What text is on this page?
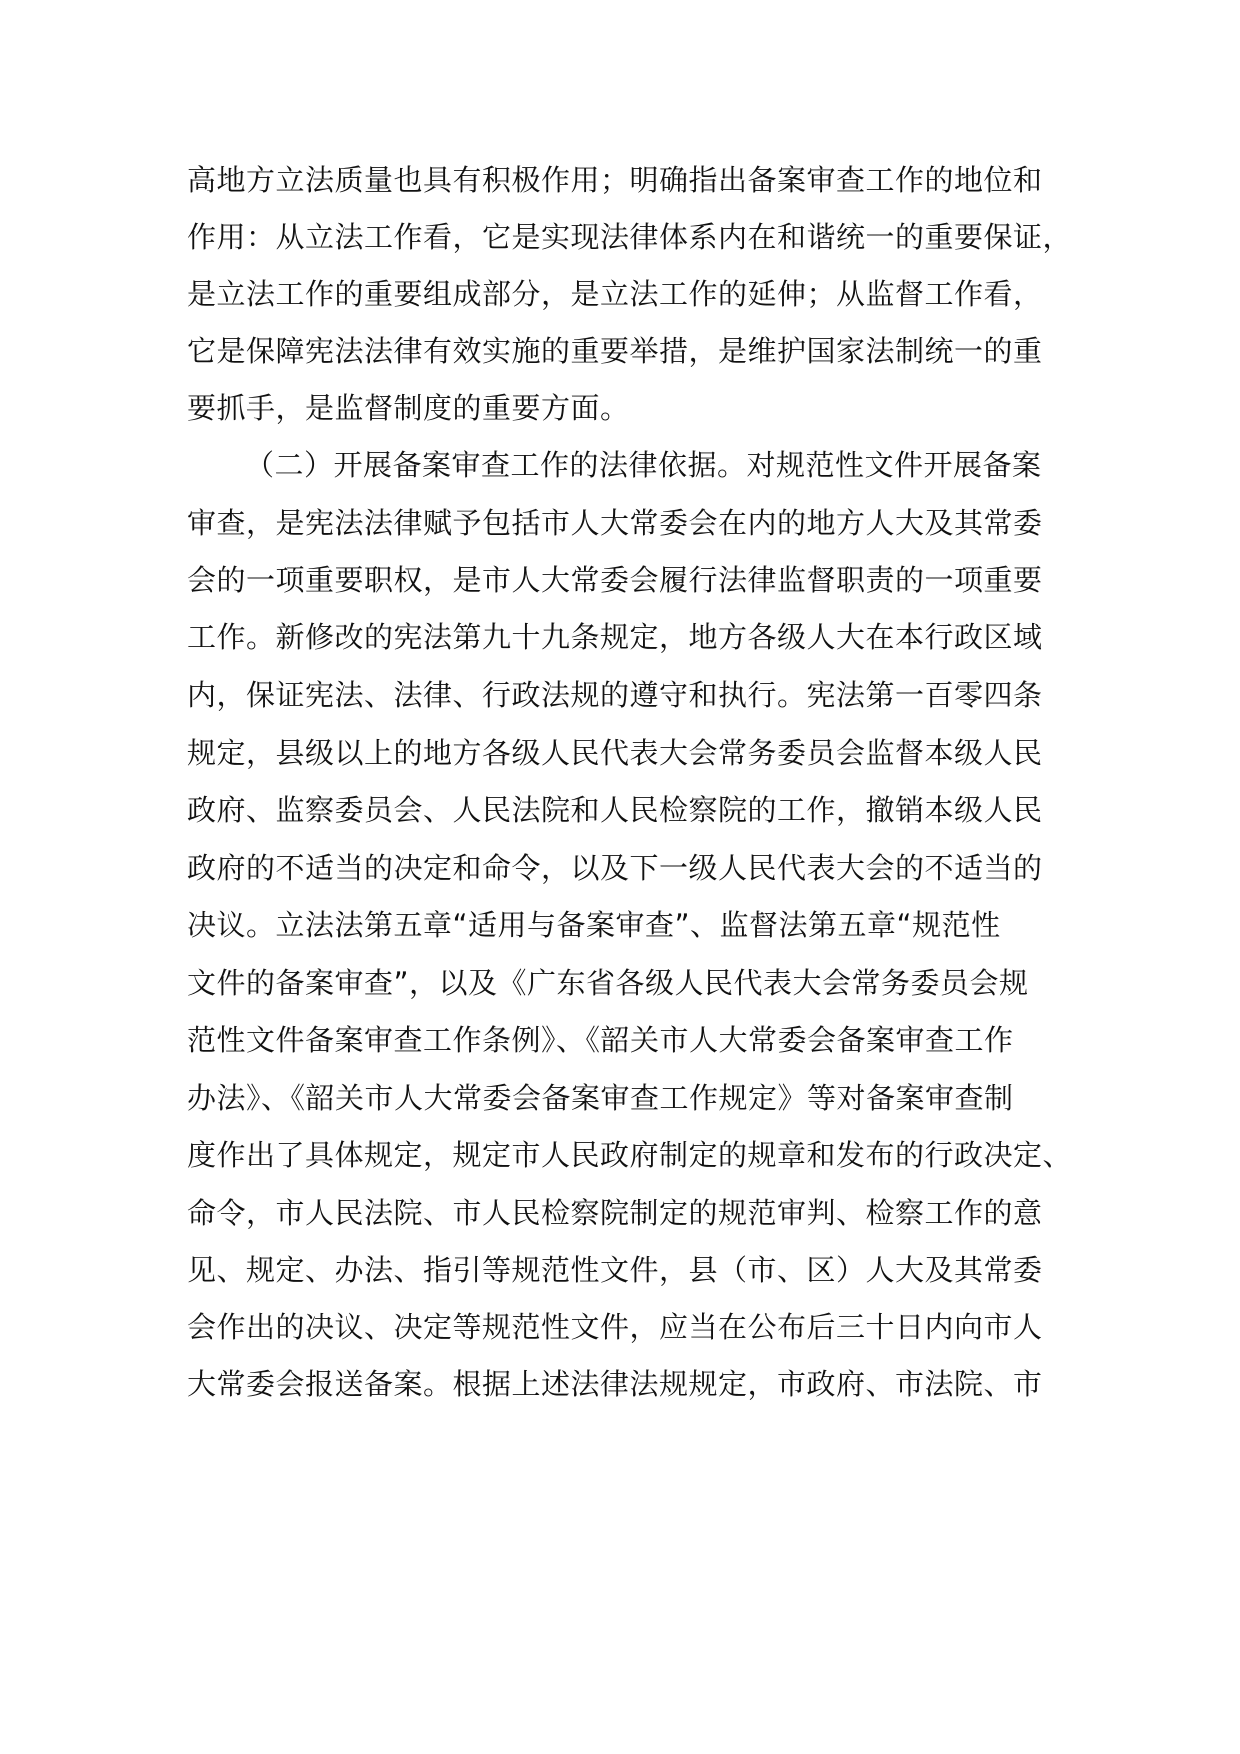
高地方立法质量也具有积极作用；明确指出备案审查工作的地位和
作用：从立法工作看，它是实现法律体系内在和谐统一的重要保证，
是立法工作的重要组成部分，是立法工作的延伸；从监督工作看，
它是保障宪法法律有效实施的重要举措，是维护国家法制统一的重
要抓手，是监督制度的重要方面。
（二）开展备案审查工作的法律依据。对规范性文件开展备案
审查，是宪法法律赋予包括市人大常委会在内的地方人大及其常委
会的一项重要职权，是市人大常委会履行法律监督职责的一项重要
工作。新修改的宪法第九十九条规定，地方各级人大在本行政区域
内，保证宪法、法律、行政法规的遵守和执行。宪法第一百零四条
规定，县级以上的地方各级人民代表大会常务委员会监督本级人民
政府、监察委员会、人民法院和人民检察院的工作，撤销本级人民
政府的不适当的决定和命令，以及下一级人民代表大会的不适当的
决议。立法法第五章“适用与备案审查”、监督法第五章“规范性
文件的备案审查”，以及《广东省各级人民代表大会常务委员会规
范性文件备案审查工作条例》、《韶关市人大常委会备案审查工作
办法》、《韶关市人大常委会备案审查工作规定》等对备案审查制
度作出了具体规定，规定市人民政府制定的规章和发布的行政决定、
命令，市人民法院、市人民检察院制定的规范审判、检察工作的意
见、规定、办法、指引等规范性文件，县（市、区）人大及其常委
会作出的决议、决定等规范性文件，应当在公布后三十日内向市人
大常委会报送备案。根据上述法律法规规定，市政府、市法院、市
